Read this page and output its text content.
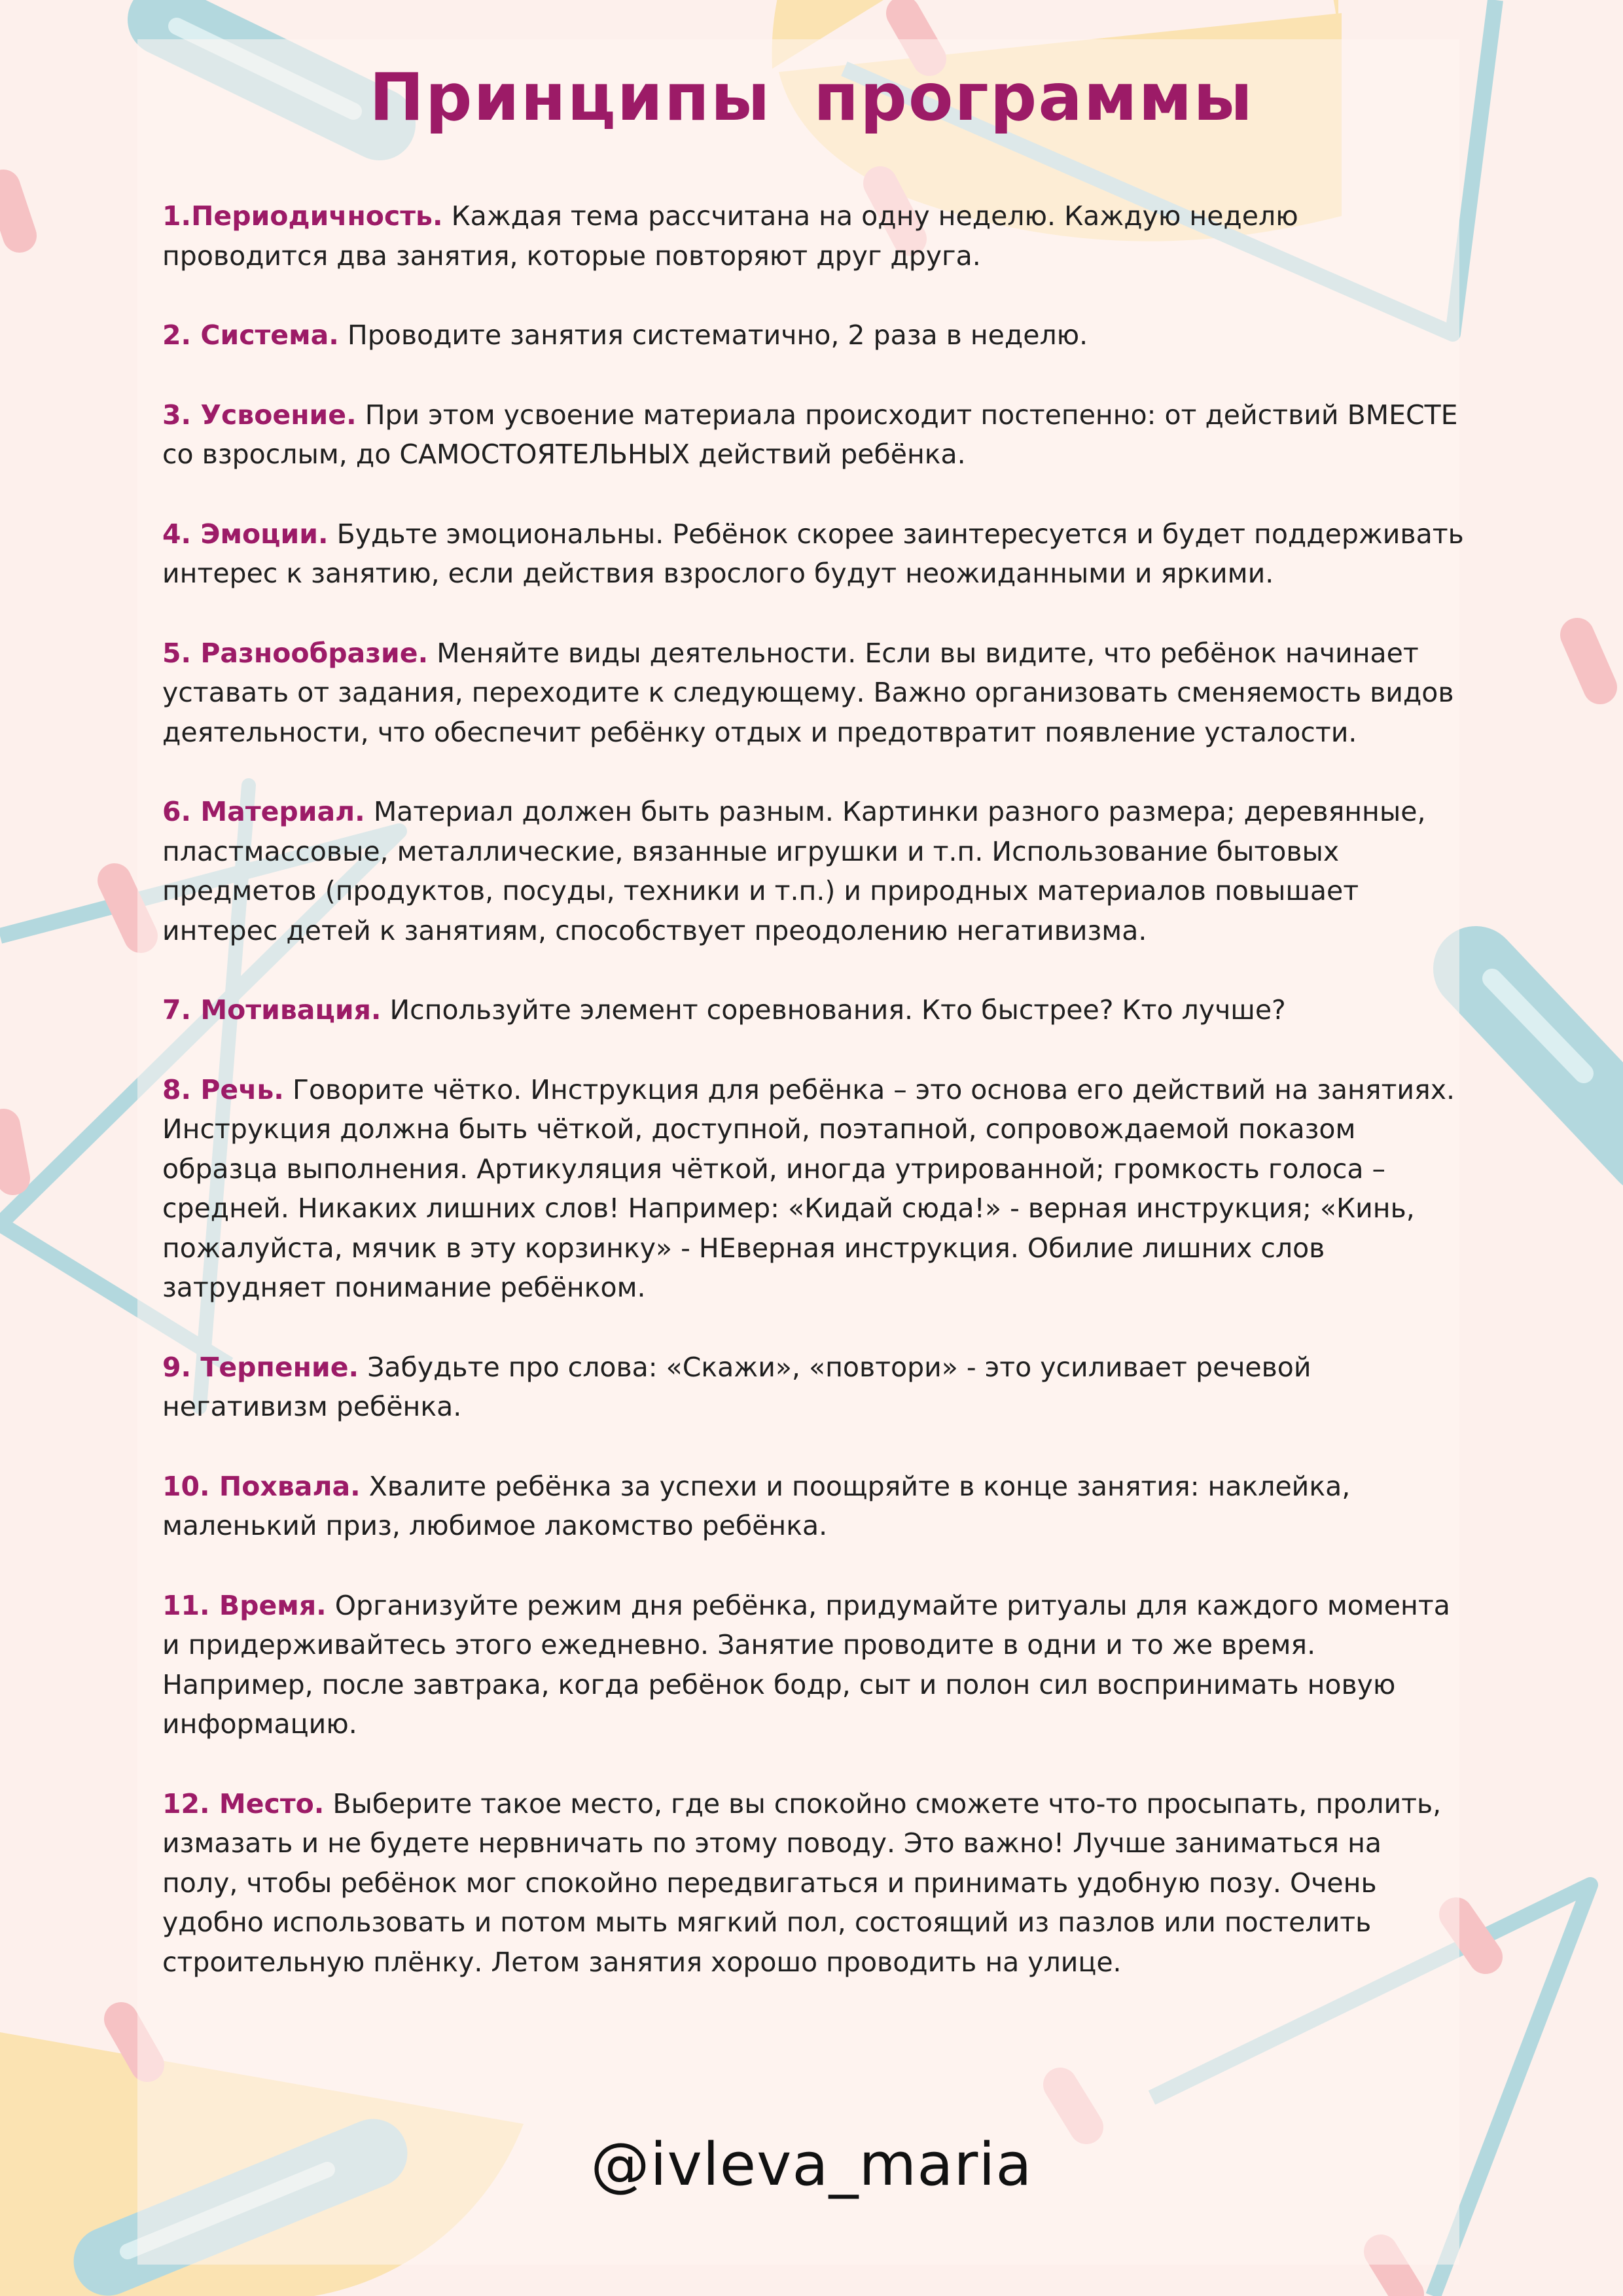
Принципы программы
1.Периодичность. Каждая тема рассчитана на одну неделю. Каждую неделю проводится два занятия, которые повторяют друг друга.
2. Система. Проводите занятия систематично, 2 раза в неделю.
3. Усвоение. При этом усвоение материала происходит постепенно: от действий ВМЕСТЕ со взрослым, до САМОСТОЯТЕЛЬНЫХ действий ребёнка.
4. Эмоции. Будьте эмоциональны. Ребёнок скорее заинтересуется и будет поддерживать интерес к занятию, если действия взрослого будут неожиданными и яркими.
5. Разнообразие. Меняйте виды деятельности. Если вы видите, что ребёнок начинает уставать от задания, переходите к следующему. Важно организовать сменяемость видов деятельности, что обеспечит ребёнку отдых и предотвратит появление усталости.
6. Материал. Материал должен быть разным. Картинки разного размера; деревянные, пластмассовые, металлические, вязанные игрушки и т.п. Использование бытовых предметов (продуктов, посуды, техники и т.п.) и природных материалов повышает интерес детей к занятиям, способствует преодолению негативизма.
7. Мотивация. Используйте элемент соревнования. Кто быстрее? Кто лучше?
8. Речь. Говорите чётко. Инструкция для ребёнка – это основа его действий на занятиях. Инструкция должна быть чёткой, доступной, поэтапной, сопровождаемой показом образца выполнения. Артикуляция чёткой, иногда утрированной; громкость голоса – средней. Никаких лишних слов! Например: «Кидай сюда!» - верная инструкция; «Кинь, пожалуйста, мячик в эту корзинку» - НЕверная инструкция. Обилие лишних слов затрудняет понимание ребёнком.
9. Терпение. Забудьте про слова: «Скажи», «повтори» - это усиливает речевой негативизм ребёнка.
10. Похвала. Хвалите ребёнка за успехи и поощряйте в конце занятия: наклейка, маленький приз, любимое лакомство ребёнка.
11. Время. Организуйте режим дня ребёнка, придумайте ритуалы для каждого момента и придерживайтесь этого ежедневно. Занятие проводите в одни и то же время. Например, после завтрака, когда ребёнок бодр, сыт и полон сил воспринимать новую информацию.
12. Место. Выберите такое место, где вы спокойно сможете что-то просыпать, пролить, измазать и не будете нервничать по этому поводу. Это важно! Лучше заниматься на полу, чтобы ребёнок мог спокойно передвигаться и принимать удобную позу. Очень удобно использовать и потом мыть мягкий пол, состоящий из пазлов или постелить строительную плёнку. Летом занятия хорошо проводить на улице.
@ivleva_maria
